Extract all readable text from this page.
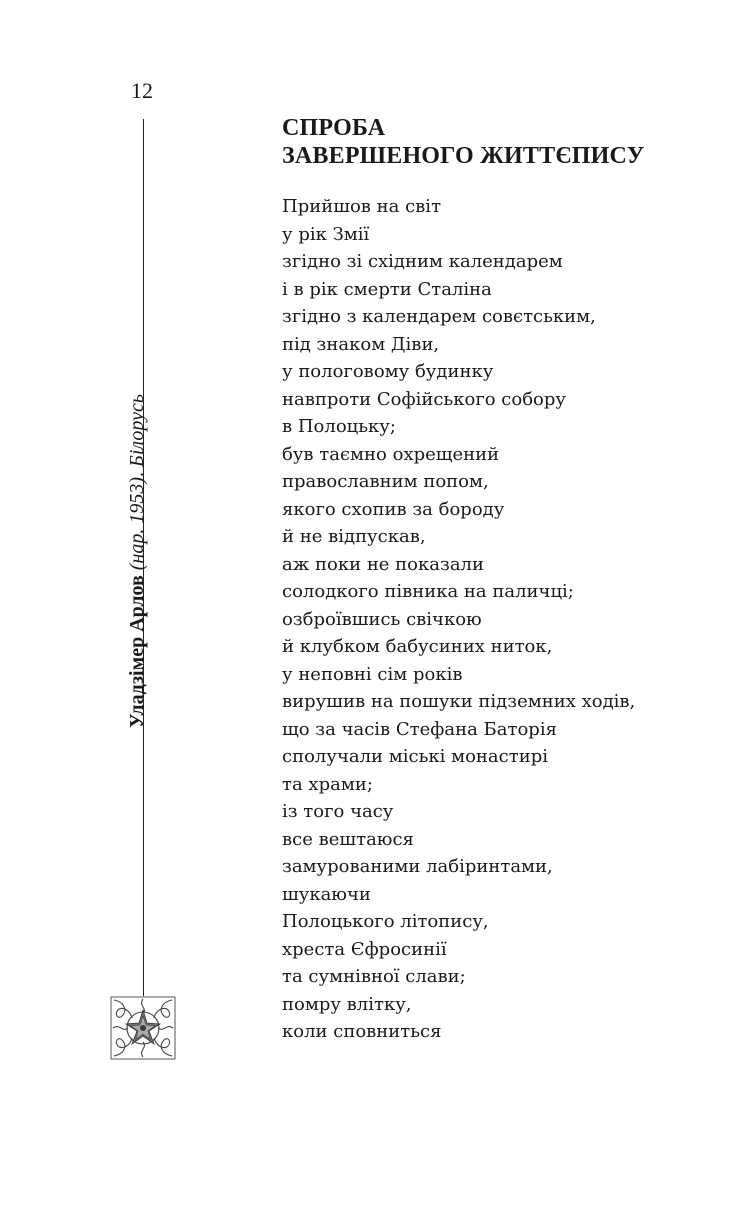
12
Уладзімер Арлов (нар. 1953). Білорусь
СПРОБА
ЗАВЕРШЕНОГО ЖИТТЄПИСУ
Прийшов на світ
у рік Змії
згідно зі східним календарем
і в рік смерти Сталіна
згідно з календарем совєтським,
під знаком Діви,
у пологовому будинку
навпроти Софійського собору
в Полоцьку;
був таємно охрещений
православним попом,
якого схопив за бороду
й не відпускав,
аж поки не показали
солодкого півника на паличці;
озброївшись свічкою
й клубком бабусиних ниток,
у неповні сім років
вирушив на пошуки підземних ходів,
що за часів Стефана Баторія
сполучали міські монастирі
та храми;
із того часу
все вештаюся
замурованими лабіринтами,
шукаючи
Полоцького літопису,
хреста Єфросинії
та сумнівної слави;
помру влітку,
коли сповниться
